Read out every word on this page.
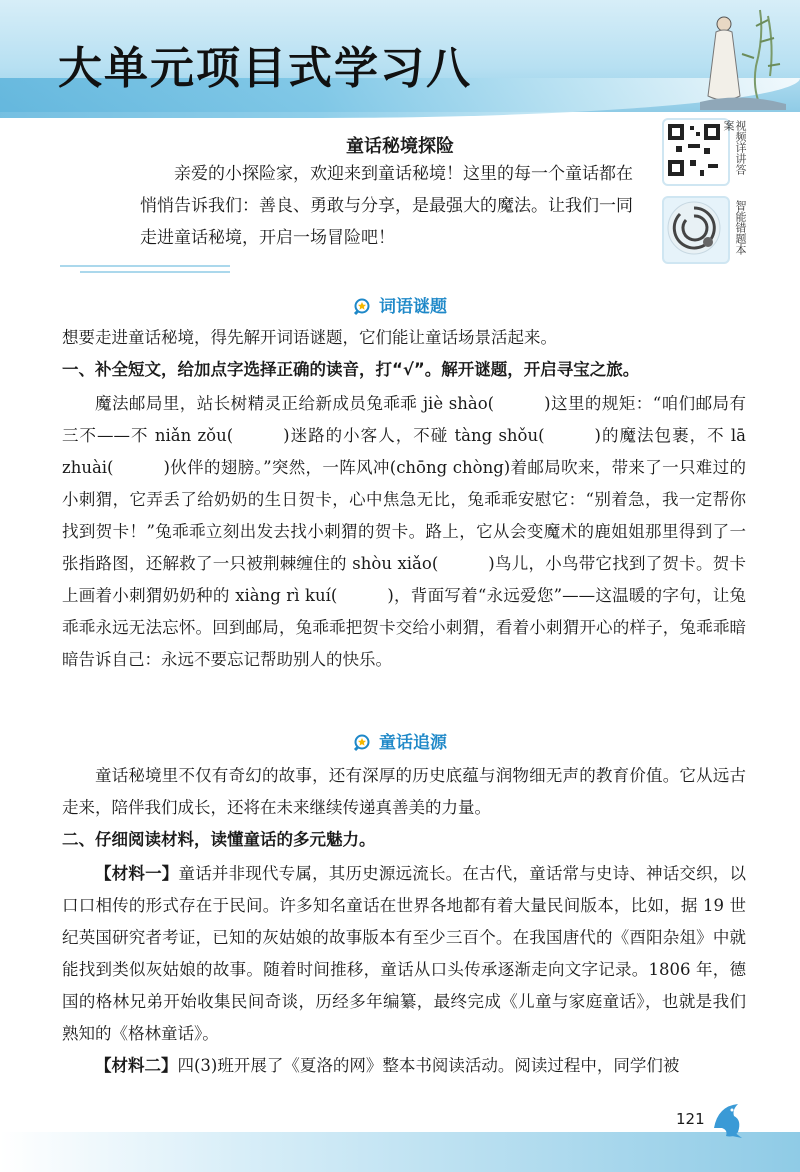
大单元项目式学习八
视频详讲答案
智能错题本
童话秘境探险
亲爱的小探险家，欢迎来到童话秘境！这里的每一个童话都在悄悄告诉我们：善良、勇敢与分享，是最强大的魔法。让我们一同走进童话秘境，开启一场冒险吧！
词语谜题
想要走进童话秘境，得先解开词语谜题，它们能让童话场景活起来。
一、补全短文，给加点字选择正确的读音，打“√”。解开谜题，开启寻宝之旅。
魔法邮局里，站长树精灵正给新成员兔乖乖 jiè shào(	)这里的规矩：“咱们邮局有三不——不 niǎn zǒu(	)迷路的小客人，不碰 tàng shǒu(	)的魔法包裹，不 lā zhuài(	)伙伴的翅膀。”突然，一阵风冲(chōng chòng)着邮局吹来，带来了一只难过的小刺猬，它弄丢了给奶奶的生日贺卡，心中焦急无比，兔乖乖安慰它：“别着急，我一定帮你找到贺卡！”兔乖乖立刻出发去找小刺猬的贺卡。路上，它从会变魔术的鹿姐姐那里得到了一张指路图，还解救了一只被荆棘缠住的 shòu xiǎo(	)鸟儿，小鸟带它找到了贺卡。贺卡上画着小刺猬奶奶种的 xiàng rì kuí(	)，背面写着“永远爱您”——这温暖的字句，让兔乖乖永远无法忘怀。回到邮局，兔乖乖把贺卡交给小刺猬，看着小刺猬开心的样子，兔乖乖暗暗告诉自己：永远不要忘记帮助别人的快乐。
童话追源
童话秘境里不仅有奇幻的故事，还有深厚的历史底蕴与润物细无声的教育价值。它从远古走来，陪伴我们成长，还将在未来继续传递真善美的力量。
二、仔细阅读材料，读懂童话的多元魅力。
【材料一】童话并非现代专属，其历史源远流长。在古代，童话常与史诗、神话交织，以口口相传的形式存在于民间。许多知名童话在世界各地都有着大量民间版本，比如，据 19 世纪英国研究者考证，已知的灰姑娘的故事版本有至少三百个。在我国唐代的《酉阳杂俎》中就能找到类似灰姑娘的故事。随着时间推移，童话从口头传承逐渐走向文字记录。1806 年，德国的格林兄弟开始收集民间奇谈，历经多年编纂，最终完成《儿童与家庭童话》，也就是我们熟知的《格林童话》。
【材料二】四(3)班开展了《夏洛的网》整本书阅读活动。阅读过程中，同学们被
121
